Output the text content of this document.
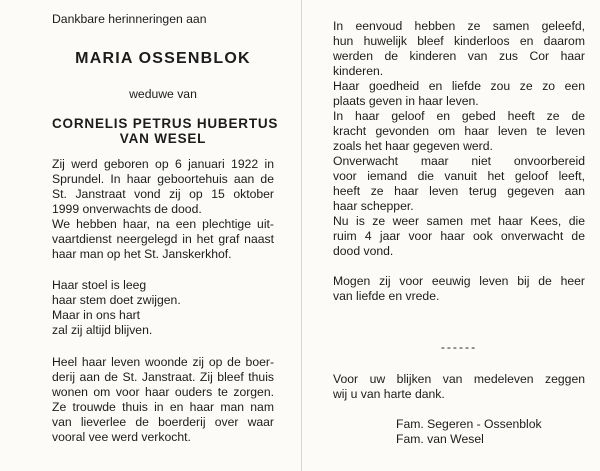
Dankbare herinneringen aan
MARIA OSSENBLOK
weduwe van
CORNELIS PETRUS HUBERTUS
VAN WESEL
Zij werd geboren op 6 januari 1922 in
Sprundel. In haar geboortehuis aan de
St. Janstraat vond zij op 15 oktober
1999 onverwachts de dood.
We hebben haar, na een plechtige uit-
vaartdienst neergelegd in het graf naast
haar man op het St. Janskerkhof.
Haar stoel is leeg
haar stem doet zwijgen.
Maar in ons hart
zal zij altijd blijven.
Heel haar leven woonde zij op de boer-
derij aan de St. Janstraat. Zij bleef thuis
wonen om voor haar ouders te zorgen.
Ze trouwde thuis in en haar man nam
van lieverlee de boerderij over waar
vooral vee werd verkocht.
In eenvoud hebben ze samen geleefd,
hun huwelijk bleef kinderloos en daarom
werden de kinderen van zus Cor haar
kinderen.
Haar goedheid en liefde zou ze zo een
plaats geven in haar leven.
In haar geloof en gebed heeft ze de
kracht gevonden om haar leven te leven
zoals het haar gegeven werd.
Onverwacht maar niet onvoorbereid
voor iemand die vanuit het geloof leeft,
heeft ze haar leven terug gegeven aan
haar schepper.
Nu is ze weer samen met haar Kees, die
ruim 4 jaar voor haar ook onverwacht de
dood vond.
Mogen zij voor eeuwig leven bij de heer
van liefde en vrede.
------
Voor uw blijken van medeleven zeggen
wij u van harte dank.
Fam. Segeren - Ossenblok
Fam. van Wesel
